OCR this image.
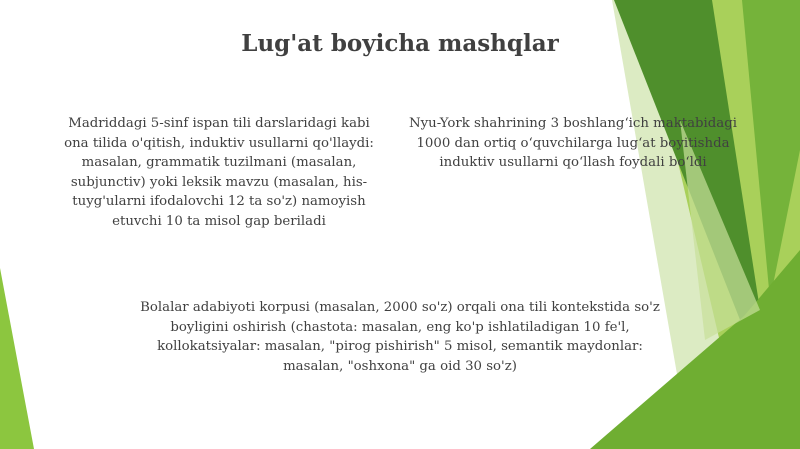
Lug'at boyicha mashqlar

Madriddagi 5-sinf ispan tili darslaridagi kabi ona tilida o'qitish, induktiv usullarni qo'llaydi: masalan, grammatik tuzilmani (masalan, subjunctiv) yoki leksik mavzu (masalan, his-tuyg'ularni ifodalovchi 12 ta so'z) namoyish etuvchi 10 ta misol gap beriladi

Nyu-York shahrining 3 boshlang‘ich maktabidagi 1000 dan ortiq o‘quvchilarga lug‘at boyitishda induktiv usullarni qo‘llash foydali bo‘ldi

Bolalar adabiyoti korpusi (masalan, 2000 so'z) orqali ona tili kontekstida so'z boyligini oshirish (chastota: masalan, eng ko'p ishlatiladigan 10 fe'l, kollokatsiyalar: masalan, "pirog pishirish" 5 misol, semantik maydonlar: masalan, "oshxona" ga oid 30 so'z)
